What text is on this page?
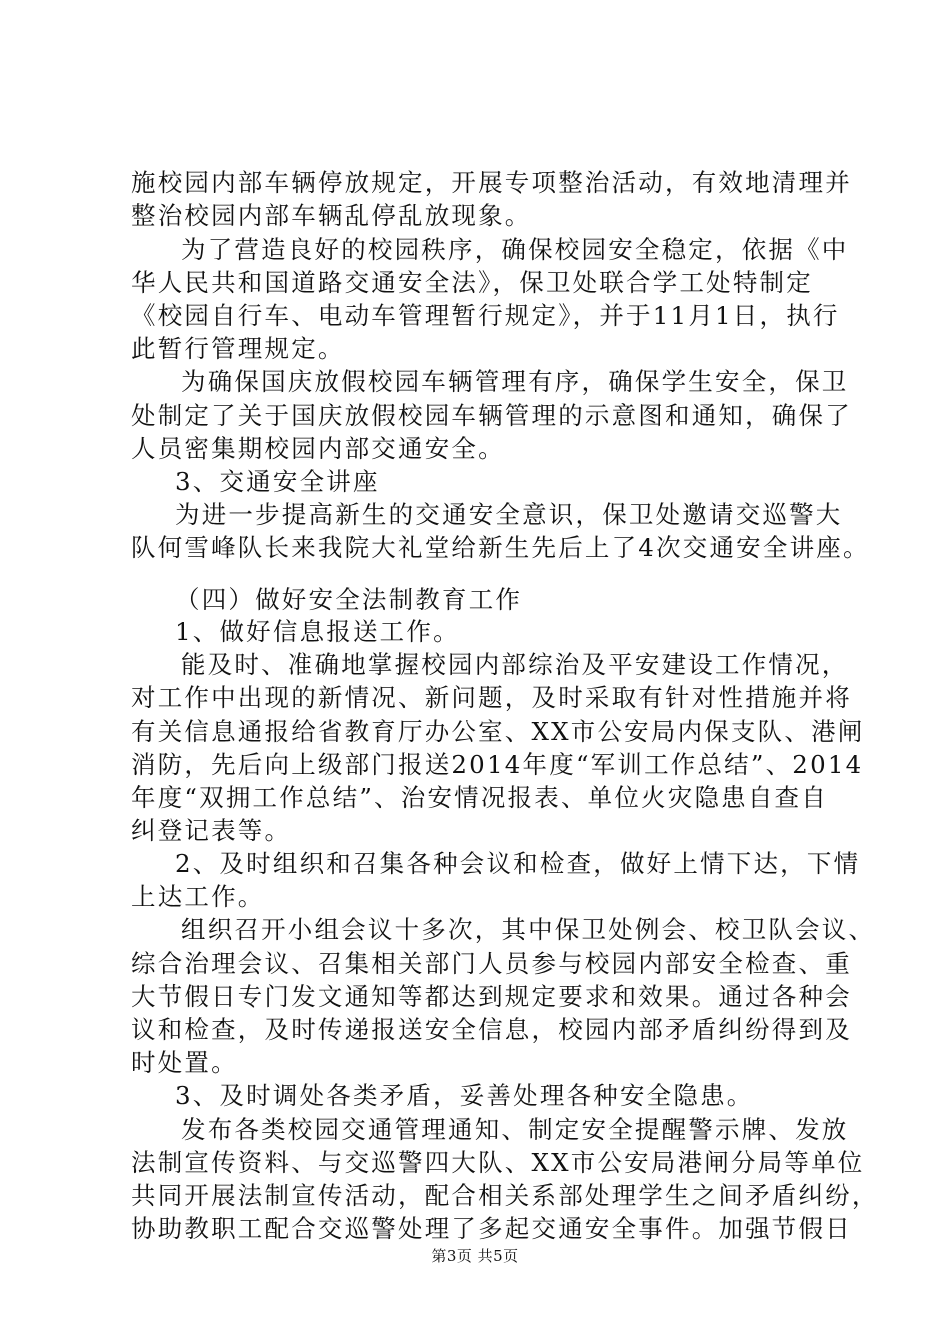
施校园内部车辆停放规定，开展专项整治活动，有效地清理并
整治校园内部车辆乱停乱放现象。
为了营造良好的校园秩序，确保校园安全稳定，依据《中
华人民共和国道路交通安全法》，保卫处联合学工处特制定
《校园自行车、电动车管理暂行规定》，并于11月1日，执行
此暂行管理规定。
为确保国庆放假校园车辆管理有序，确保学生安全，保卫
处制定了关于国庆放假校园车辆管理的示意图和通知，确保了
人员密集期校园内部交通安全。
3、交通安全讲座
为进一步提高新生的交通安全意识，保卫处邀请交巡警大
队何雪峰队长来我院大礼堂给新生先后上了4次交通安全讲座。
（四）做好安全法制教育工作
1、做好信息报送工作。
能及时、准确地掌握校园内部综治及平安建设工作情况，
对工作中出现的新情况、新问题，及时采取有针对性措施并将
有关信息通报给省教育厅办公室、XX市公安局内保支队、港闸
消防，先后向上级部门报送2014年度“军训工作总结”、2014
年度“双拥工作总结”、治安情况报表、单位火灾隐患自查自
纠登记表等。
2、及时组织和召集各种会议和检查，做好上情下达，下情
上达工作。
组织召开小组会议十多次，其中保卫处例会、校卫队会议、
综合治理会议、召集相关部门人员参与校园内部安全检查、重
大节假日专门发文通知等都达到规定要求和效果。通过各种会
议和检查，及时传递报送安全信息，校园内部矛盾纠纷得到及
时处置。
3、及时调处各类矛盾，妥善处理各种安全隐患。
发布各类校园交通管理通知、制定安全提醒警示牌、发放
法制宣传资料、与交巡警四大队、XX市公安局港闸分局等单位
共同开展法制宣传活动，配合相关系部处理学生之间矛盾纠纷，
协助教职工配合交巡警处理了多起交通安全事件。加强节假日
第3页 共5页
